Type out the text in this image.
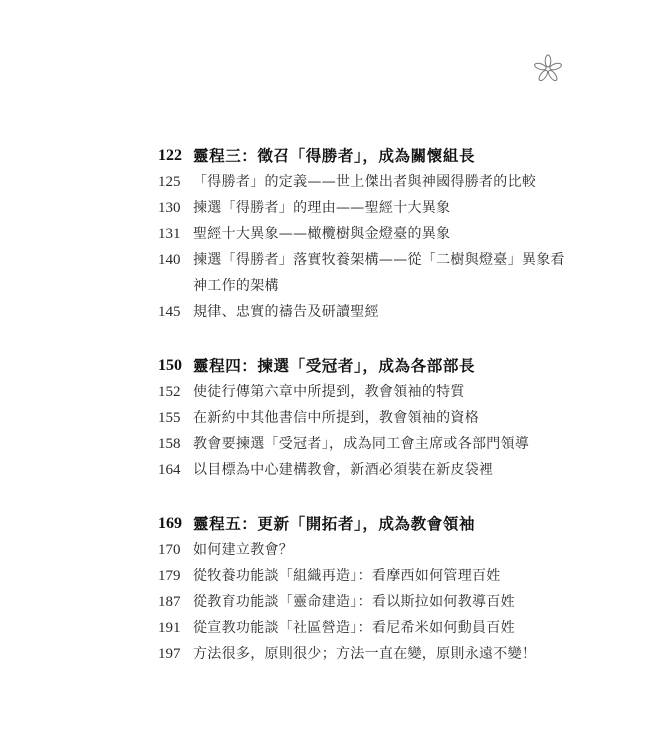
122 靈程三：徵召「得勝者」，成為關懷組長
125 「得勝者」的定義——世上傑出者與神國得勝者的比較
130 揀選「得勝者」的理由——聖經十大異象
131 聖經十大異象——橄欖樹與金燈臺的異象
140 揀選「得勝者」落實牧養架構——從「二樹與燈臺」異象看
神工作的架構
145 規律、忠實的禱告及研讀聖經
150 靈程四：揀選「受冠者」，成為各部部長
152 使徒行傳第六章中所提到，教會領袖的特質
155 在新約中其他書信中所提到，教會領袖的資格
158 教會要揀選「受冠者」，成為同工會主席或各部門領導
164 以目標為中心建構教會，新酒必須裝在新皮袋裡
169 靈程五：更新「開拓者」，成為教會領袖
170 如何建立教會？
179 從牧養功能談「組織再造」：看摩西如何管理百姓
187 從教育功能談「靈命建造」：看以斯拉如何教導百姓
191 從宣教功能談「社區營造」：看尼希米如何動員百姓
197 方法很多，原則很少；方法一直在變，原則永遠不變！
